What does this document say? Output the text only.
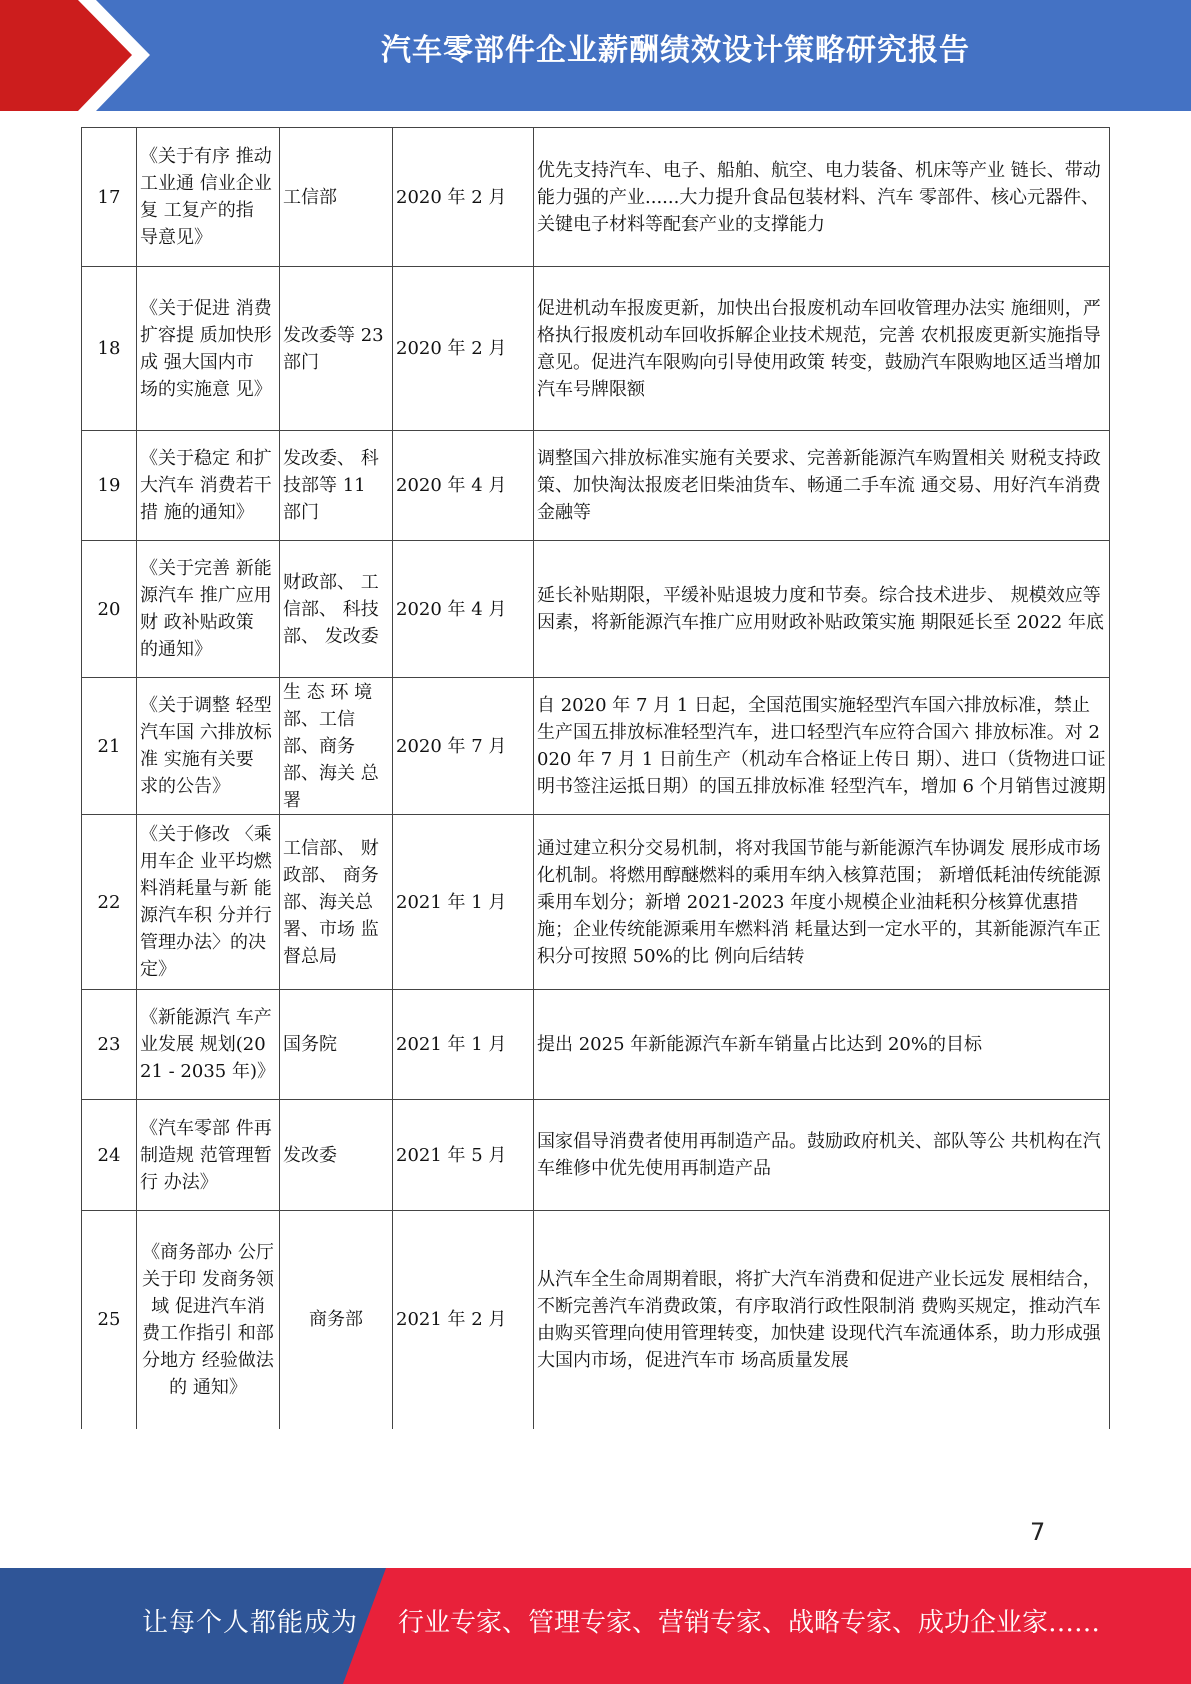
汽车零部件企业薪酬绩效设计策略研究报告
17	《关于有序 推动工业通 信业企业复 工复产的指 导意见》	工信部	2020 年 2 月	优先支持汽车、电子、船舶、航空、电力装备、机床等产业 链长、带动能力强的产业......大力提升食品包装材料、汽车 零部件、核心元器件、关键电子材料等配套产业的支撑能力
18	《关于促进 消费扩容提 质加快形成 强大国内市 场的实施意 见》	发改委等 23 部门	2020 年 2 月	促进机动车报废更新，加快出台报废机动车回收管理办法实 施细则，严格执行报废机动车回收拆解企业技术规范，完善 农机报废更新实施指导意见。促进汽车限购向引导使用政策 转变，鼓励汽车限购地区适当增加汽车号牌限额
19	《关于稳定 和扩大汽车 消费若干措 施的通知》	发改委、 科技部等 11 部门	2020 年 4 月	调整国六排放标准实施有关要求、完善新能源汽车购置相关 财税支持政策、加快淘汰报废老旧柴油货车、畅通二手车流 通交易、用好汽车消费金融等
20	《关于完善 新能源汽车 推广应用财 政补贴政策 的通知》	财政部、 工信部、 科技部、 发改委	2020 年 4 月	延长补贴期限，平缓补贴退坡力度和节奏。综合技术进步、 规模效应等因素，将新能源汽车推广应用财政补贴政策实施 期限延长至 2022 年底
21	《关于调整 轻型汽车国 六排放标准 实施有关要 求的公告》	生 态 环 境 部、工信 部、商务 部、海关 总署	2020 年 7 月	自 2020 年 7 月 1 日起，全国范围实施轻型汽车国六排放标准，禁止生产国五排放标准轻型汽车，进口轻型汽车应符合国六 排放标准。对 2020 年 7 月 1 日前生产（机动车合格证上传日 期）、进口（货物进口证明书签注运抵日期）的国五排放标准 轻型汽车，增加 6 个月销售过渡期
22	《关于修改 〈乘用车企 业平均燃料消耗量与新 能源汽车积 分并行管理办法〉的决 定》	工信部、 财政部、 商务部、海关总署、市场 监督总局	2021 年 1 月	通过建立积分交易机制，将对我国节能与新能源汽车协调发 展形成市场化机制。将燃用醇醚燃料的乘用车纳入核算范围； 新增低耗油传统能源乘用车划分；新增 2021-2023 年度小规模企业油耗积分核算优惠措施；企业传统能源乘用车燃料消 耗量达到一定水平的，其新能源汽车正积分可按照 50%的比 例向后结转
23	《新能源汽 车产业发展 规划(2021 - 2035 年)》	国务院	2021 年 1 月	提出 2025 年新能源汽车新车销量占比达到 20%的目标
24	《汽车零部 件再制造规 范管理暂行 办法》	发改委	2021 年 5 月	国家倡导消费者使用再制造产品。鼓励政府机关、部队等公 共机构在汽车维修中优先使用再制造产品
25	《商务部办 公厅关于印 发商务领域 促进汽车消 费工作指引 和部分地方 经验做法的 通知》	商务部	2021 年 2 月	从汽车全生命周期着眼，将扩大汽车消费和促进产业长远发 展相结合，不断完善汽车消费政策，有序取消行政性限制消 费购买规定，推动汽车由购买管理向使用管理转变，加快建 设现代汽车流通体系，助力形成强大国内市场，促进汽车市 场高质量发展
7
让每个人都能成为 行业专家、管理专家、营销专家、战略专家、成功企业家……
